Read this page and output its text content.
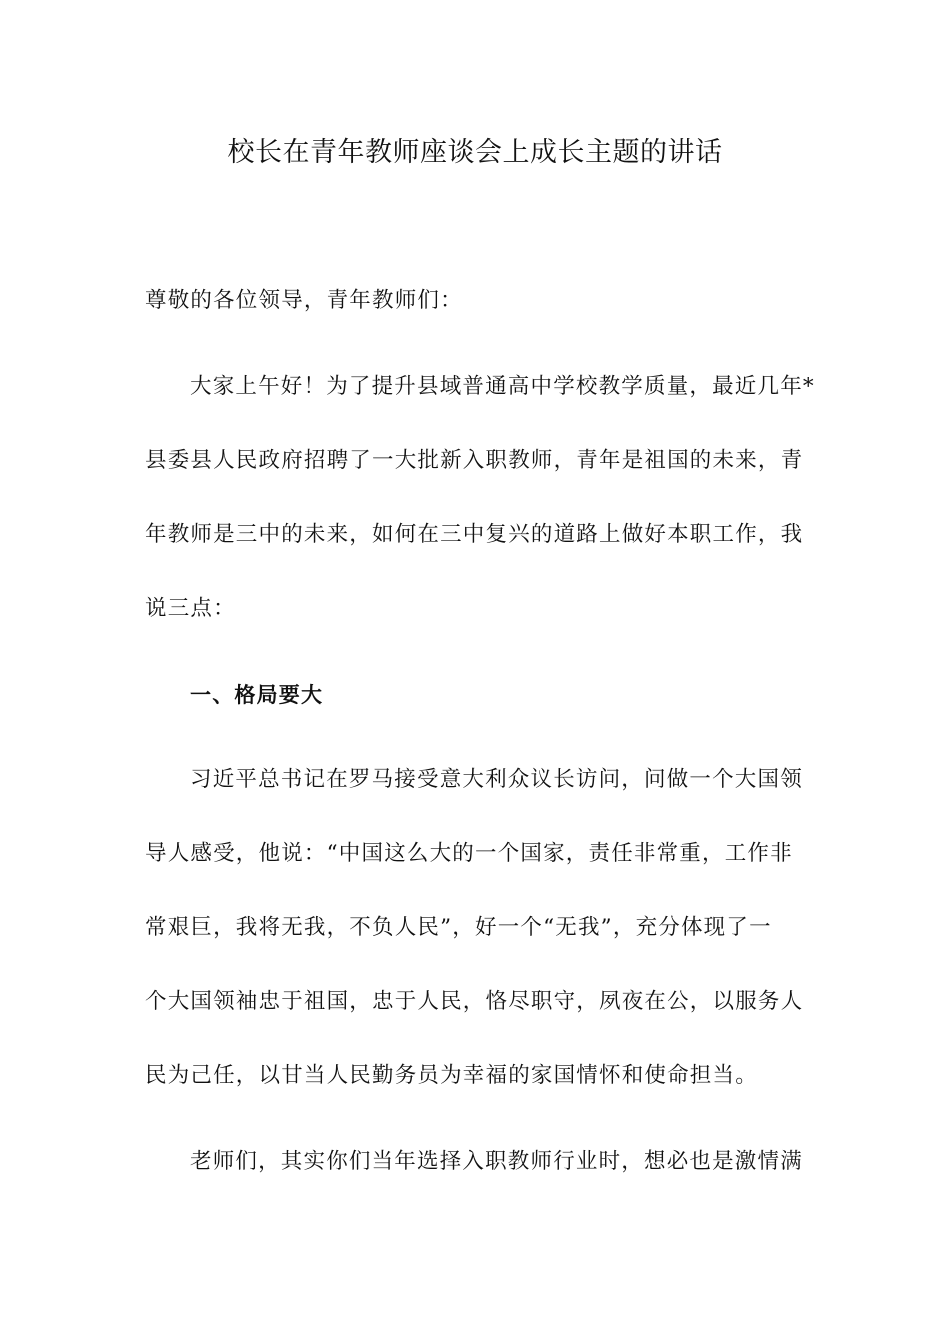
校长在青年教师座谈会上成长主题的讲话
尊敬的各位领导，青年教师们：
大家上午好！为了提升县域普通高中学校教学质量，最近几年*
县委县人民政府招聘了一大批新入职教师，青年是祖国的未来，青
年教师是三中的未来，如何在三中复兴的道路上做好本职工作，我
说三点：
一、格局要大
习近平总书记在罗马接受意大利众议长访问，问做一个大国领
导人感受，他说：“中国这么大的一个国家，责任非常重，工作非
常艰巨，我将无我，不负人民”，好一个“无我”，充分体现了一
个大国领袖忠于祖国，忠于人民，恪尽职守，夙夜在公，以服务人
民为己任，以甘当人民勤务员为幸福的家国情怀和使命担当。
老师们，其实你们当年选择入职教师行业时，想必也是激情满
